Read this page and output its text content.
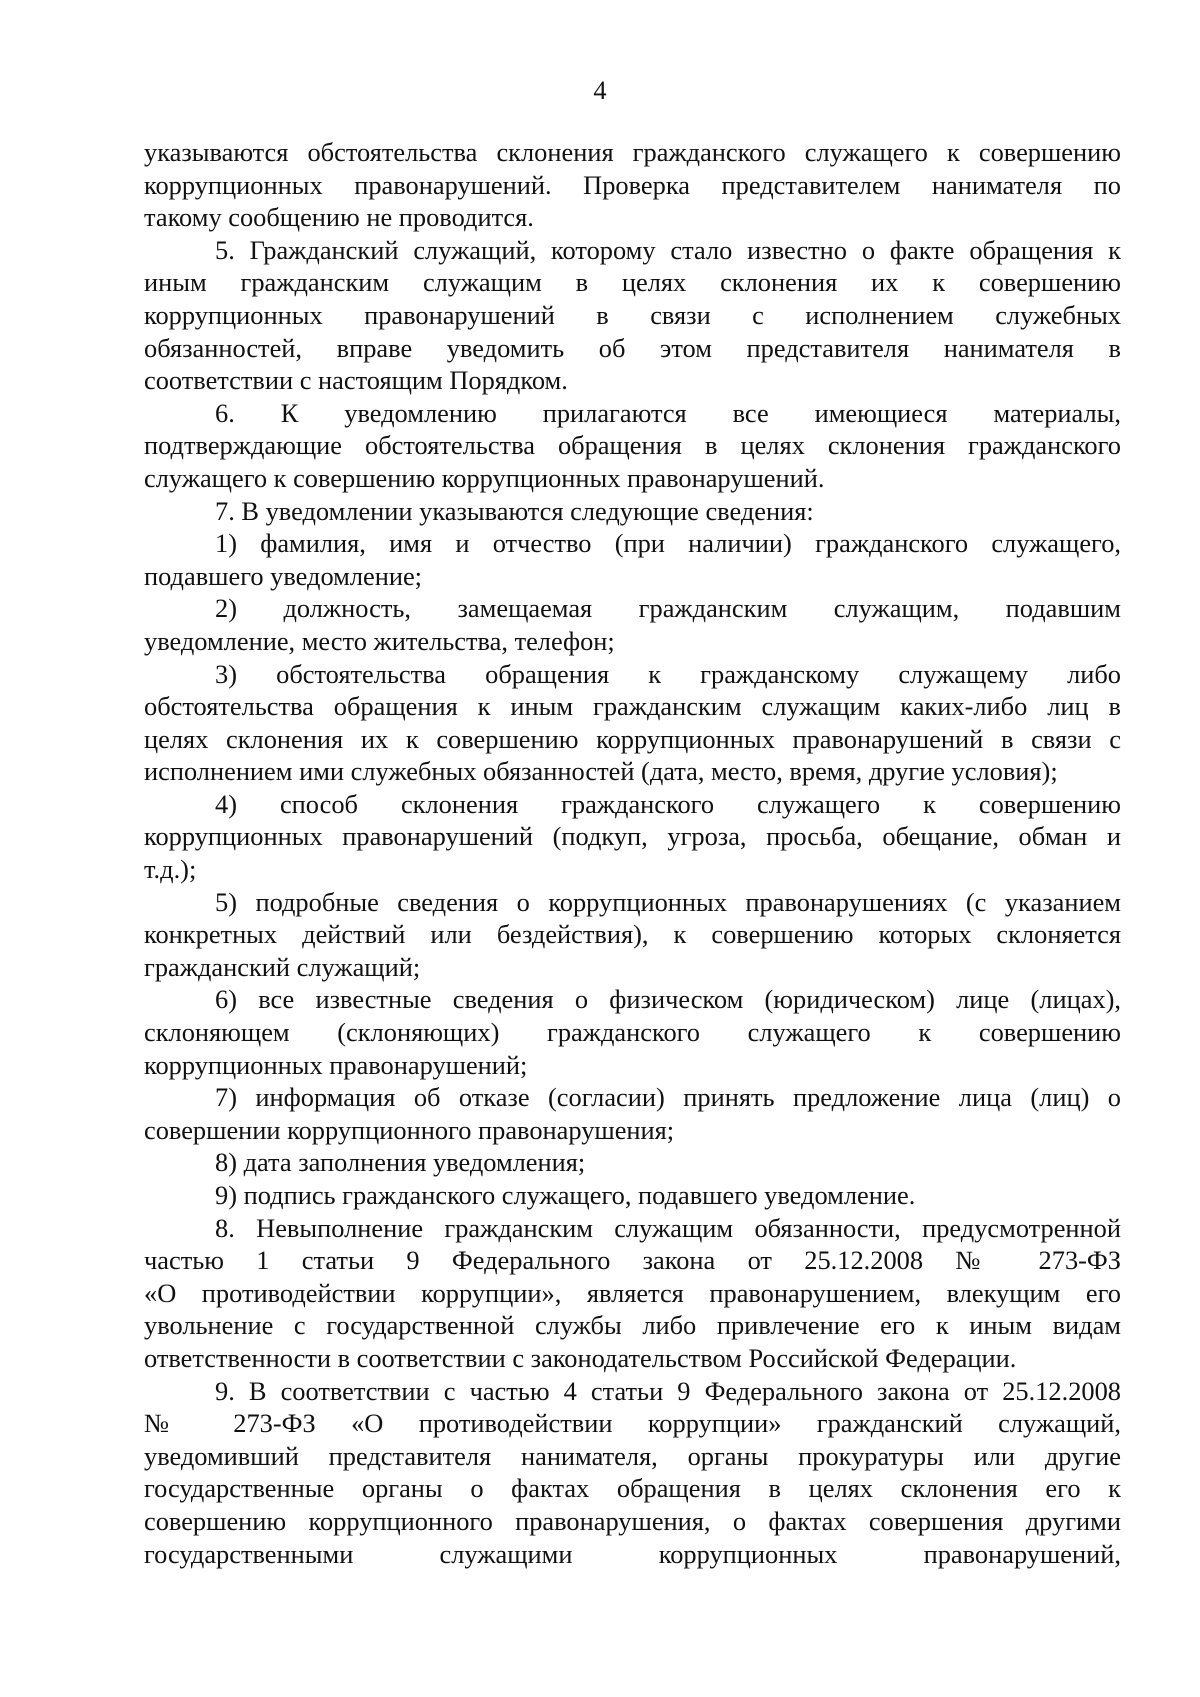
4
указываются обстоятельства склонения гражданского служащего к совершению
коррупционных правонарушений. Проверка представителем нанимателя по
такому сообщению не проводится.
5. Гражданский служащий, которому стало известно о факте обращения к
иным гражданским служащим в целях склонения их к совершению
коррупционных правонарушений в связи с исполнением служебных
обязанностей, вправе уведомить об этом представителя нанимателя в
соответствии с настоящим Порядком.
6. К уведомлению прилагаются все имеющиеся материалы,
подтверждающие обстоятельства обращения в целях склонения гражданского
служащего к совершению коррупционных правонарушений.
7. В уведомлении указываются следующие сведения:
1) фамилия, имя и отчество (при наличии) гражданского служащего,
подавшего уведомление;
2) должность, замещаемая гражданским служащим, подавшим
уведомление, место жительства, телефон;
3) обстоятельства обращения к гражданскому служащему либо
обстоятельства обращения к иным гражданским служащим каких-либо лиц в
целях склонения их к совершению коррупционных правонарушений в связи с
исполнением ими служебных обязанностей (дата, место, время, другие условия);
4) способ склонения гражданского служащего к совершению
коррупционных правонарушений (подкуп, угроза, просьба, обещание, обман и
т.д.);
5) подробные сведения о коррупционных правонарушениях (с указанием
конкретных действий или бездействия), к совершению которых склоняется
гражданский служащий;
6) все известные сведения о физическом (юридическом) лице (лицах),
склоняющем (склоняющих) гражданского служащего к совершению
коррупционных правонарушений;
7) информация об отказе (согласии) принять предложение лица (лиц) о
совершении коррупционного правонарушения;
8) дата заполнения уведомления;
9) подпись гражданского служащего, подавшего уведомление.
8. Невыполнение гражданским служащим обязанности, предусмотренной
частью 1 статьи 9 Федерального закона от 25.12.2008 № 273-ФЗ
«О противодействии коррупции», является правонарушением, влекущим его
увольнение с государственной службы либо привлечение его к иным видам
ответственности в соответствии с законодательством Российской Федерации.
9. В соответствии с частью 4 статьи 9 Федерального закона от 25.12.2008
№ 273-ФЗ «О противодействии коррупции» гражданский служащий,
уведомивший представителя нанимателя, органы прокуратуры или другие
государственные органы о фактах обращения в целях склонения его к
совершению коррупционного правонарушения, о фактах совершения другими
государственными служащими коррупционных правонарушений,
